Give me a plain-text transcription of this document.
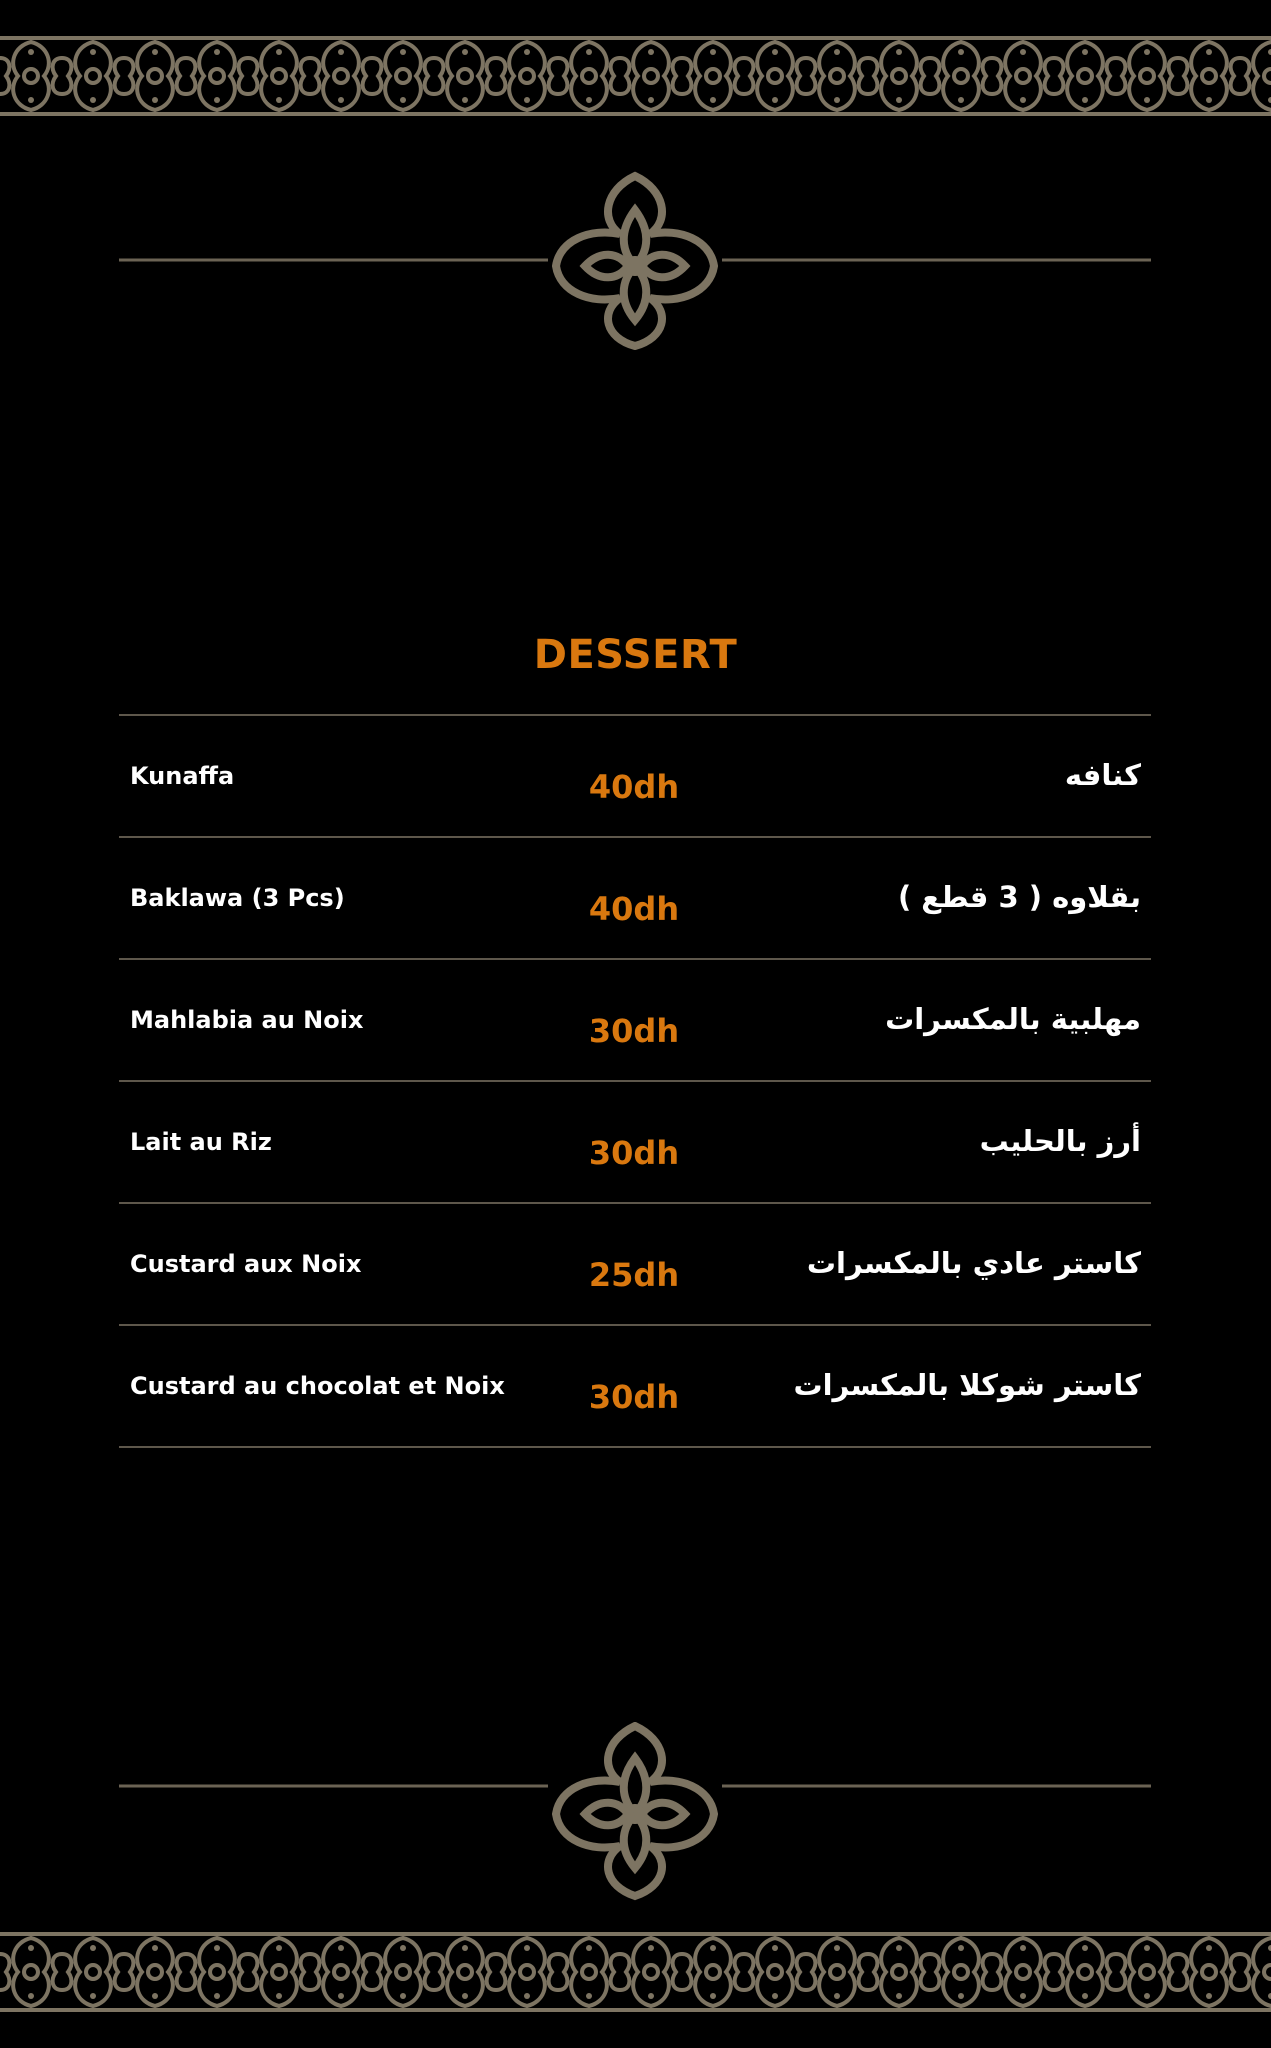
DESSERT
Kunaffa	40dh	كنافه
Baklawa (3 Pcs)	40dh	بقلاوه ( 3 قطع )
Mahlabia au Noix	30dh	مهلبية بالمكسرات
Lait au Riz	30dh	أرز بالحليب
Custard aux Noix	25dh	كاستر عادي بالمكسرات
Custard au chocolat et Noix	30dh	كاستر شوكلا بالمكسرات
